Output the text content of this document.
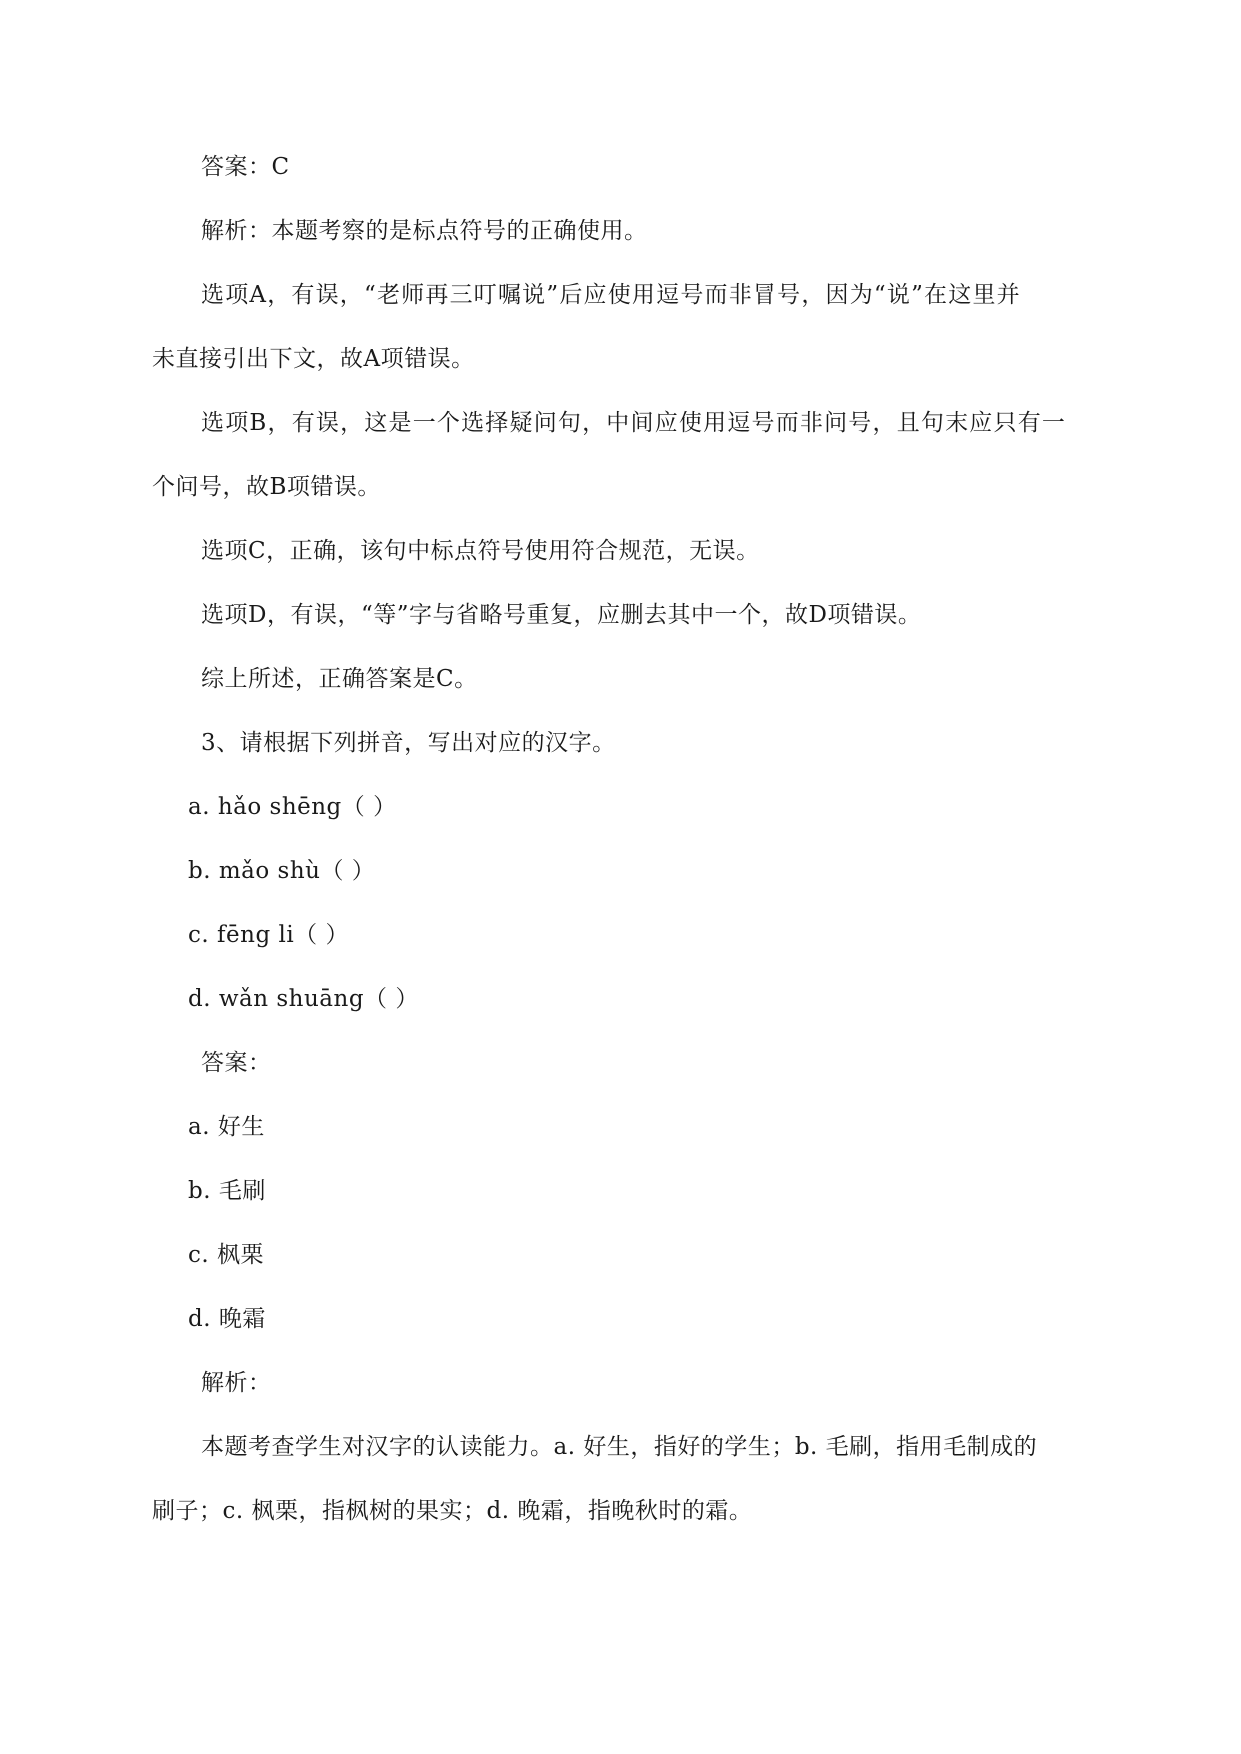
答案：C
解析：本题考察的是标点符号的正确使用。
选项A，有误，“老师再三叮嘱说”后应使用逗号而非冒号，因为“说”在这里并
未直接引出下文，故A项错误。
选项B，有误，这是一个选择疑问句，中间应使用逗号而非问号，且句末应只有一
个问号，故B项错误。
选项C，正确，该句中标点符号使用符合规范，无误。
选项D，有误，“等”字与省略号重复，应删去其中一个，故D项错误。
综上所述，正确答案是C。
3、请根据下列拼音，写出对应的汉字。
a. hǎo shēng（ ）
b. mǎo shù（ ）
c. fēng li（ ）
d. wǎn shuāng（ ）
答案：
a. 好生
b. 毛刷
c. 枫栗
d. 晚霜
解析：
本题考查学生对汉字的认读能力。a. 好生，指好的学生；b. 毛刷，指用毛制成的
刷子；c. 枫栗，指枫树的果实；d. 晚霜，指晚秋时的霜。
